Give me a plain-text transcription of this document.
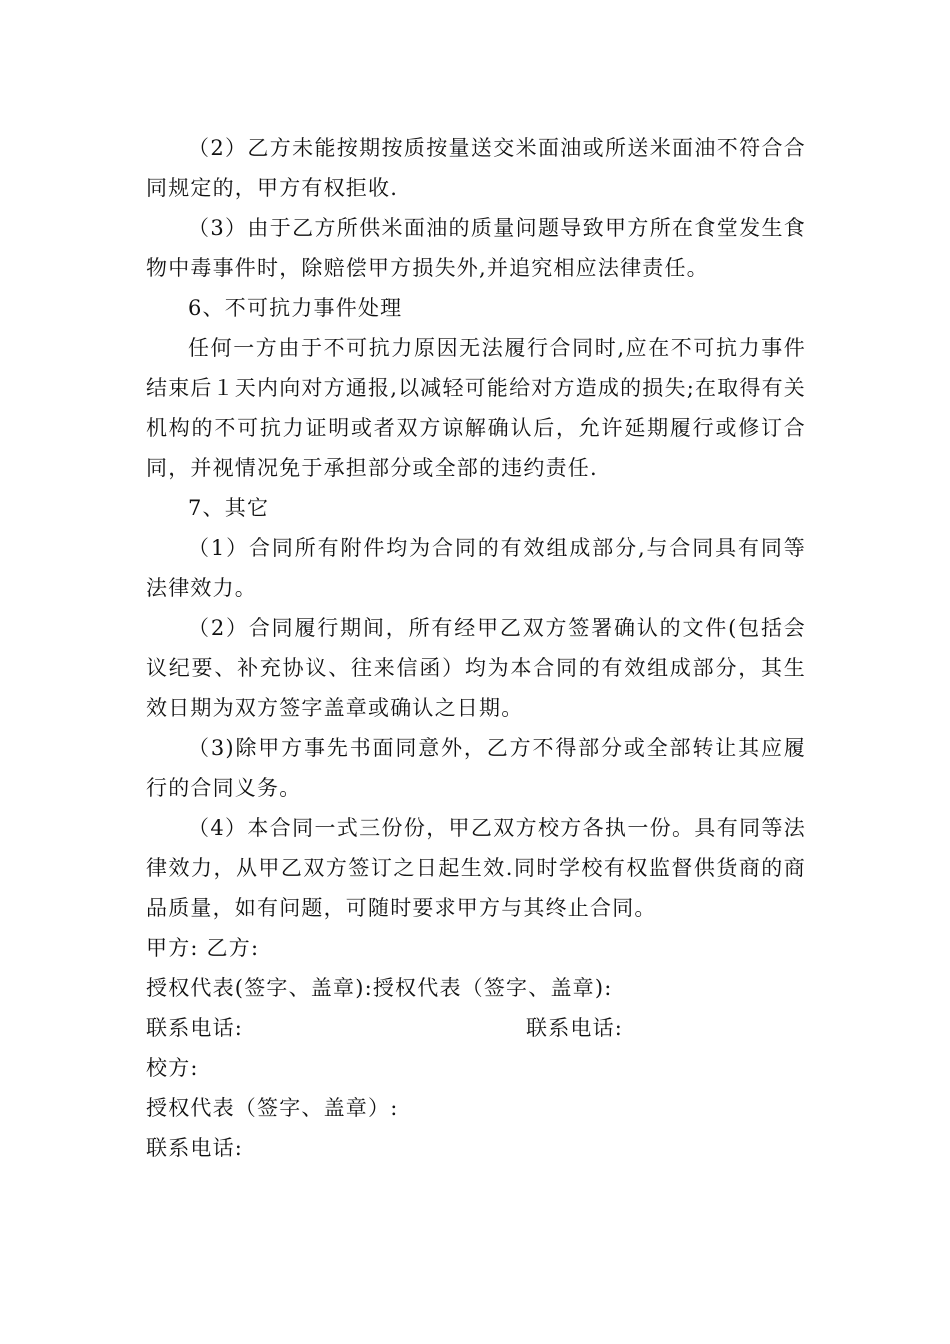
（2）乙方未能按期按质按量送交米面油或所送米面油不符合合同规定的，甲方有权拒收.

（3）由于乙方所供米面油的质量问题导致甲方所在食堂发生食物中毒事件时，除赔偿甲方损失外,并追究相应法律责任。

6、不可抗力事件处理

任何一方由于不可抗力原因无法履行合同时,应在不可抗力事件结束后１天内向对方通报,以减轻可能给对方造成的损失;在取得有关机构的不可抗力证明或者双方谅解确认后，允许延期履行或修订合同，并视情况免于承担部分或全部的违约责任.

7、其它

（1）合同所有附件均为合同的有效组成部分,与合同具有同等法律效力。

（2）合同履行期间，所有经甲乙双方签署确认的文件(包括会议纪要、补充协议、往来信函）均为本合同的有效组成部分，其生效日期为双方签字盖章或确认之日期。

（3)除甲方事先书面同意外，乙方不得部分或全部转让其应履行的合同义务。

（4）本合同一式三份份，甲乙双方校方各执一份。具有同等法律效力，从甲乙双方签订之日起生效.同时学校有权监督供货商的商品质量，如有问题，可随时要求甲方与其终止合同。

甲方: 乙方:

授权代表(签字、盖章):授权代表（签字、盖章):

联系电话:	联系电话:

校方:

授权代表（签字、盖章）:

联系电话:
